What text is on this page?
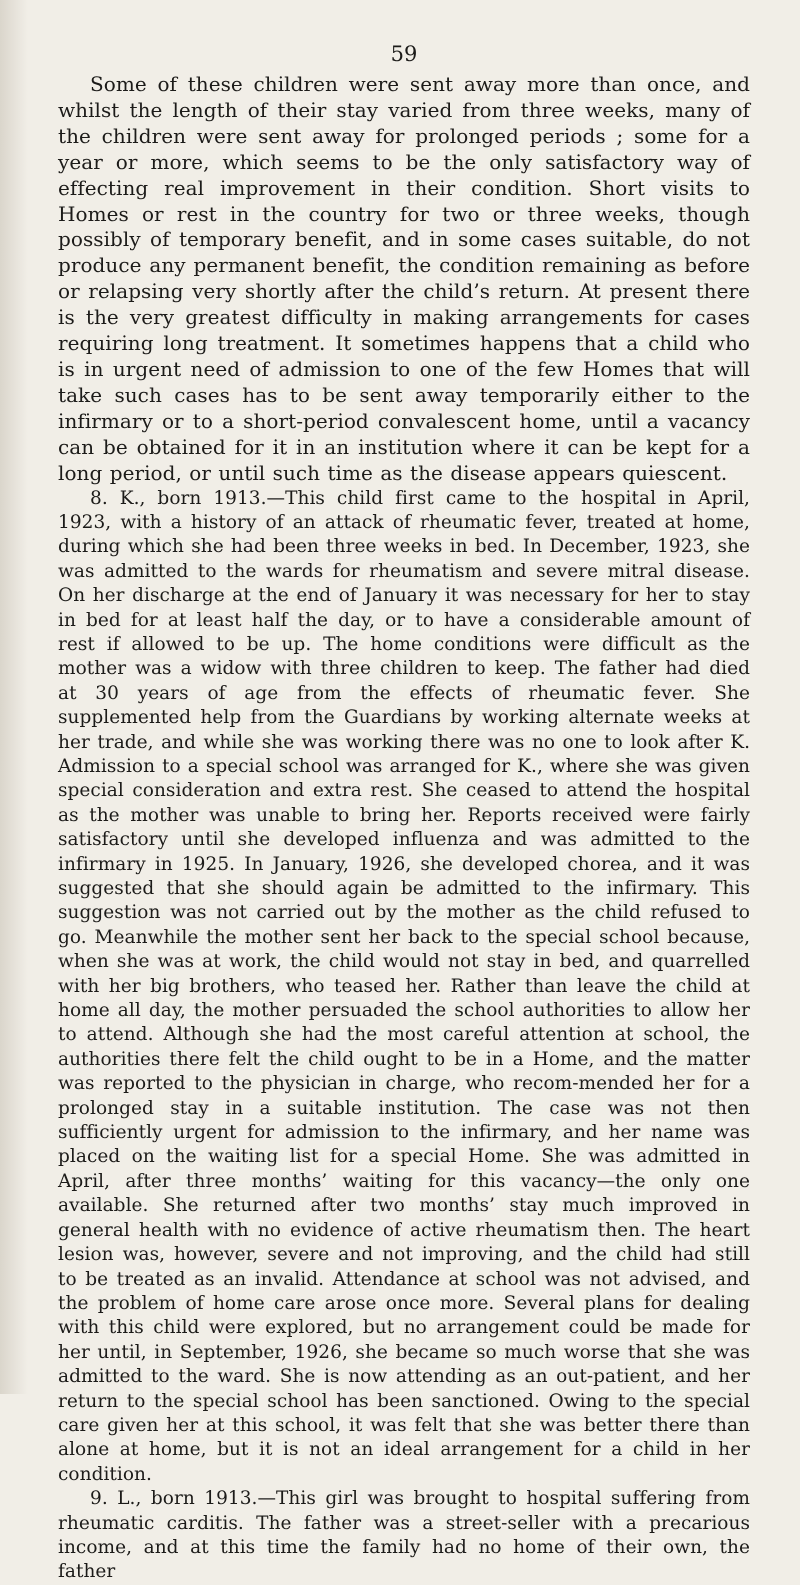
59

Some of these children were sent away more than once, and whilst the length of their stay varied from three weeks, many of the children were sent away for prolonged periods ; some for a year or more, which seems to be the only satisfactory way of effecting real improvement in their condition. Short visits to Homes or rest in the country for two or three weeks, though possibly of temporary benefit, and in some cases suitable, do not produce any permanent benefit, the condition remaining as before or relapsing very shortly after the child’s return. At present there is the very greatest difficulty in making arrangements for cases requiring long treatment. It sometimes happens that a child who is in urgent need of admission to one of the few Homes that will take such cases has to be sent away temporarily either to the infirmary or to a short-period convalescent home, until a vacancy can be obtained for it in an institution where it can be kept for a long period, or until such time as the disease appears quiescent.

8. K., born 1913.—This child first came to the hospital in April, 1923, with a history of an attack of rheumatic fever, treated at home, during which she had been three weeks in bed. In December, 1923, she was admitted to the wards for rheumatism and severe mitral disease. On her discharge at the end of January it was necessary for her to stay in bed for at least half the day, or to have a considerable amount of rest if allowed to be up. The home conditions were difficult as the mother was a widow with three children to keep. The father had died at 30 years of age from the effects of rheumatic fever. She supplemented help from the Guardians by working alternate weeks at her trade, and while she was working there was no one to look after K. Admission to a special school was arranged for K., where she was given special consideration and extra rest. She ceased to attend the hospital as the mother was unable to bring her. Reports received were fairly satisfactory until she developed influenza and was admitted to the infirmary in 1925. In January, 1926, she developed chorea, and it was suggested that she should again be admitted to the infirmary. This suggestion was not carried out by the mother as the child refused to go. Meanwhile the mother sent her back to the special school because, when she was at work, the child would not stay in bed, and quarrelled with her big brothers, who teased her. Rather than leave the child at home all day, the mother persuaded the school authorities to allow her to attend. Although she had the most careful attention at school, the authorities there felt the child ought to be in a Home, and the matter was reported to the physician in charge, who recom-mended her for a prolonged stay in a suitable institution. The case was not then sufficiently urgent for admission to the infirmary, and her name was placed on the waiting list for a special Home. She was admitted in April, after three months’ waiting for this vacancy—the only one available. She returned after two months’ stay much improved in general health with no evidence of active rheumatism then. The heart lesion was, however, severe and not improving, and the child had still to be treated as an invalid. Attendance at school was not advised, and the problem of home care arose once more. Several plans for dealing with this child were explored, but no arrangement could be made for her until, in September, 1926, she became so much worse that she was admitted to the ward. She is now attending as an out-patient, and her return to the special school has been sanctioned. Owing to the special care given her at this school, it was felt that she was better there than alone at home, but it is not an ideal arrangement for a child in her condition.

9. L., born 1913.—This girl was brought to hospital suffering from rheumatic carditis. The father was a street-seller with a precarious income, and at this time the family had no home of their own, the father
